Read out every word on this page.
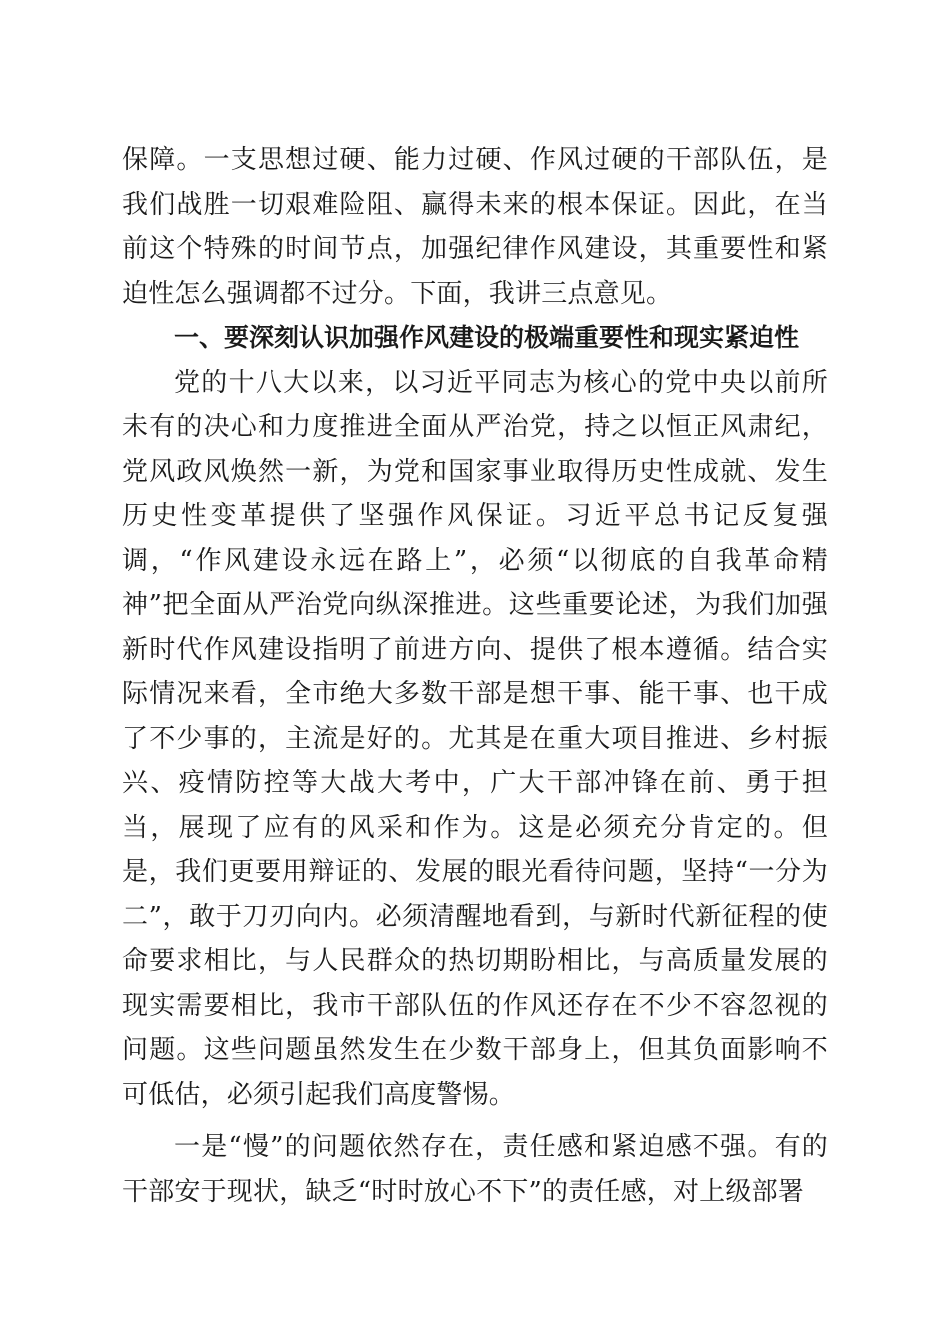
保障。一支思想过硬、能力过硬、作风过硬的干部队伍，是我们战胜一切艰难险阻、赢得未来的根本保证。因此，在当前这个特殊的时间节点，加强纪律作风建设，其重要性和紧迫性怎么强调都不过分。下面，我讲三点意见。

一、要深刻认识加强作风建设的极端重要性和现实紧迫性

党的十八大以来，以习近平同志为核心的党中央以前所未有的决心和力度推进全面从严治党，持之以恒正风肃纪，党风政风焕然一新，为党和国家事业取得历史性成就、发生历史性变革提供了坚强作风保证。习近平总书记反复强调，“作风建设永远在路上”，必须“以彻底的自我革命精神”把全面从严治党向纵深推进。这些重要论述，为我们加强新时代作风建设指明了前进方向、提供了根本遵循。结合实际情况来看，全市绝大多数干部是想干事、能干事、也干成了不少事的，主流是好的。尤其是在重大项目推进、乡村振兴、疫情防控等大战大考中，广大干部冲锋在前、勇于担当，展现了应有的风采和作为。这是必须充分肯定的。但是，我们更要用辩证的、发展的眼光看待问题，坚持“一分为二”，敢于刀刃向内。必须清醒地看到，与新时代新征程的使命要求相比，与人民群众的热切期盼相比，与高质量发展的现实需要相比，我市干部队伍的作风还存在不少不容忽视的问题。这些问题虽然发生在少数干部身上，但其负面影响不可低估，必须引起我们高度警惕。

一是“慢”的问题依然存在，责任感和紧迫感不强。有的干部安于现状，缺乏“时时放心不下”的责任感，对上级部署
